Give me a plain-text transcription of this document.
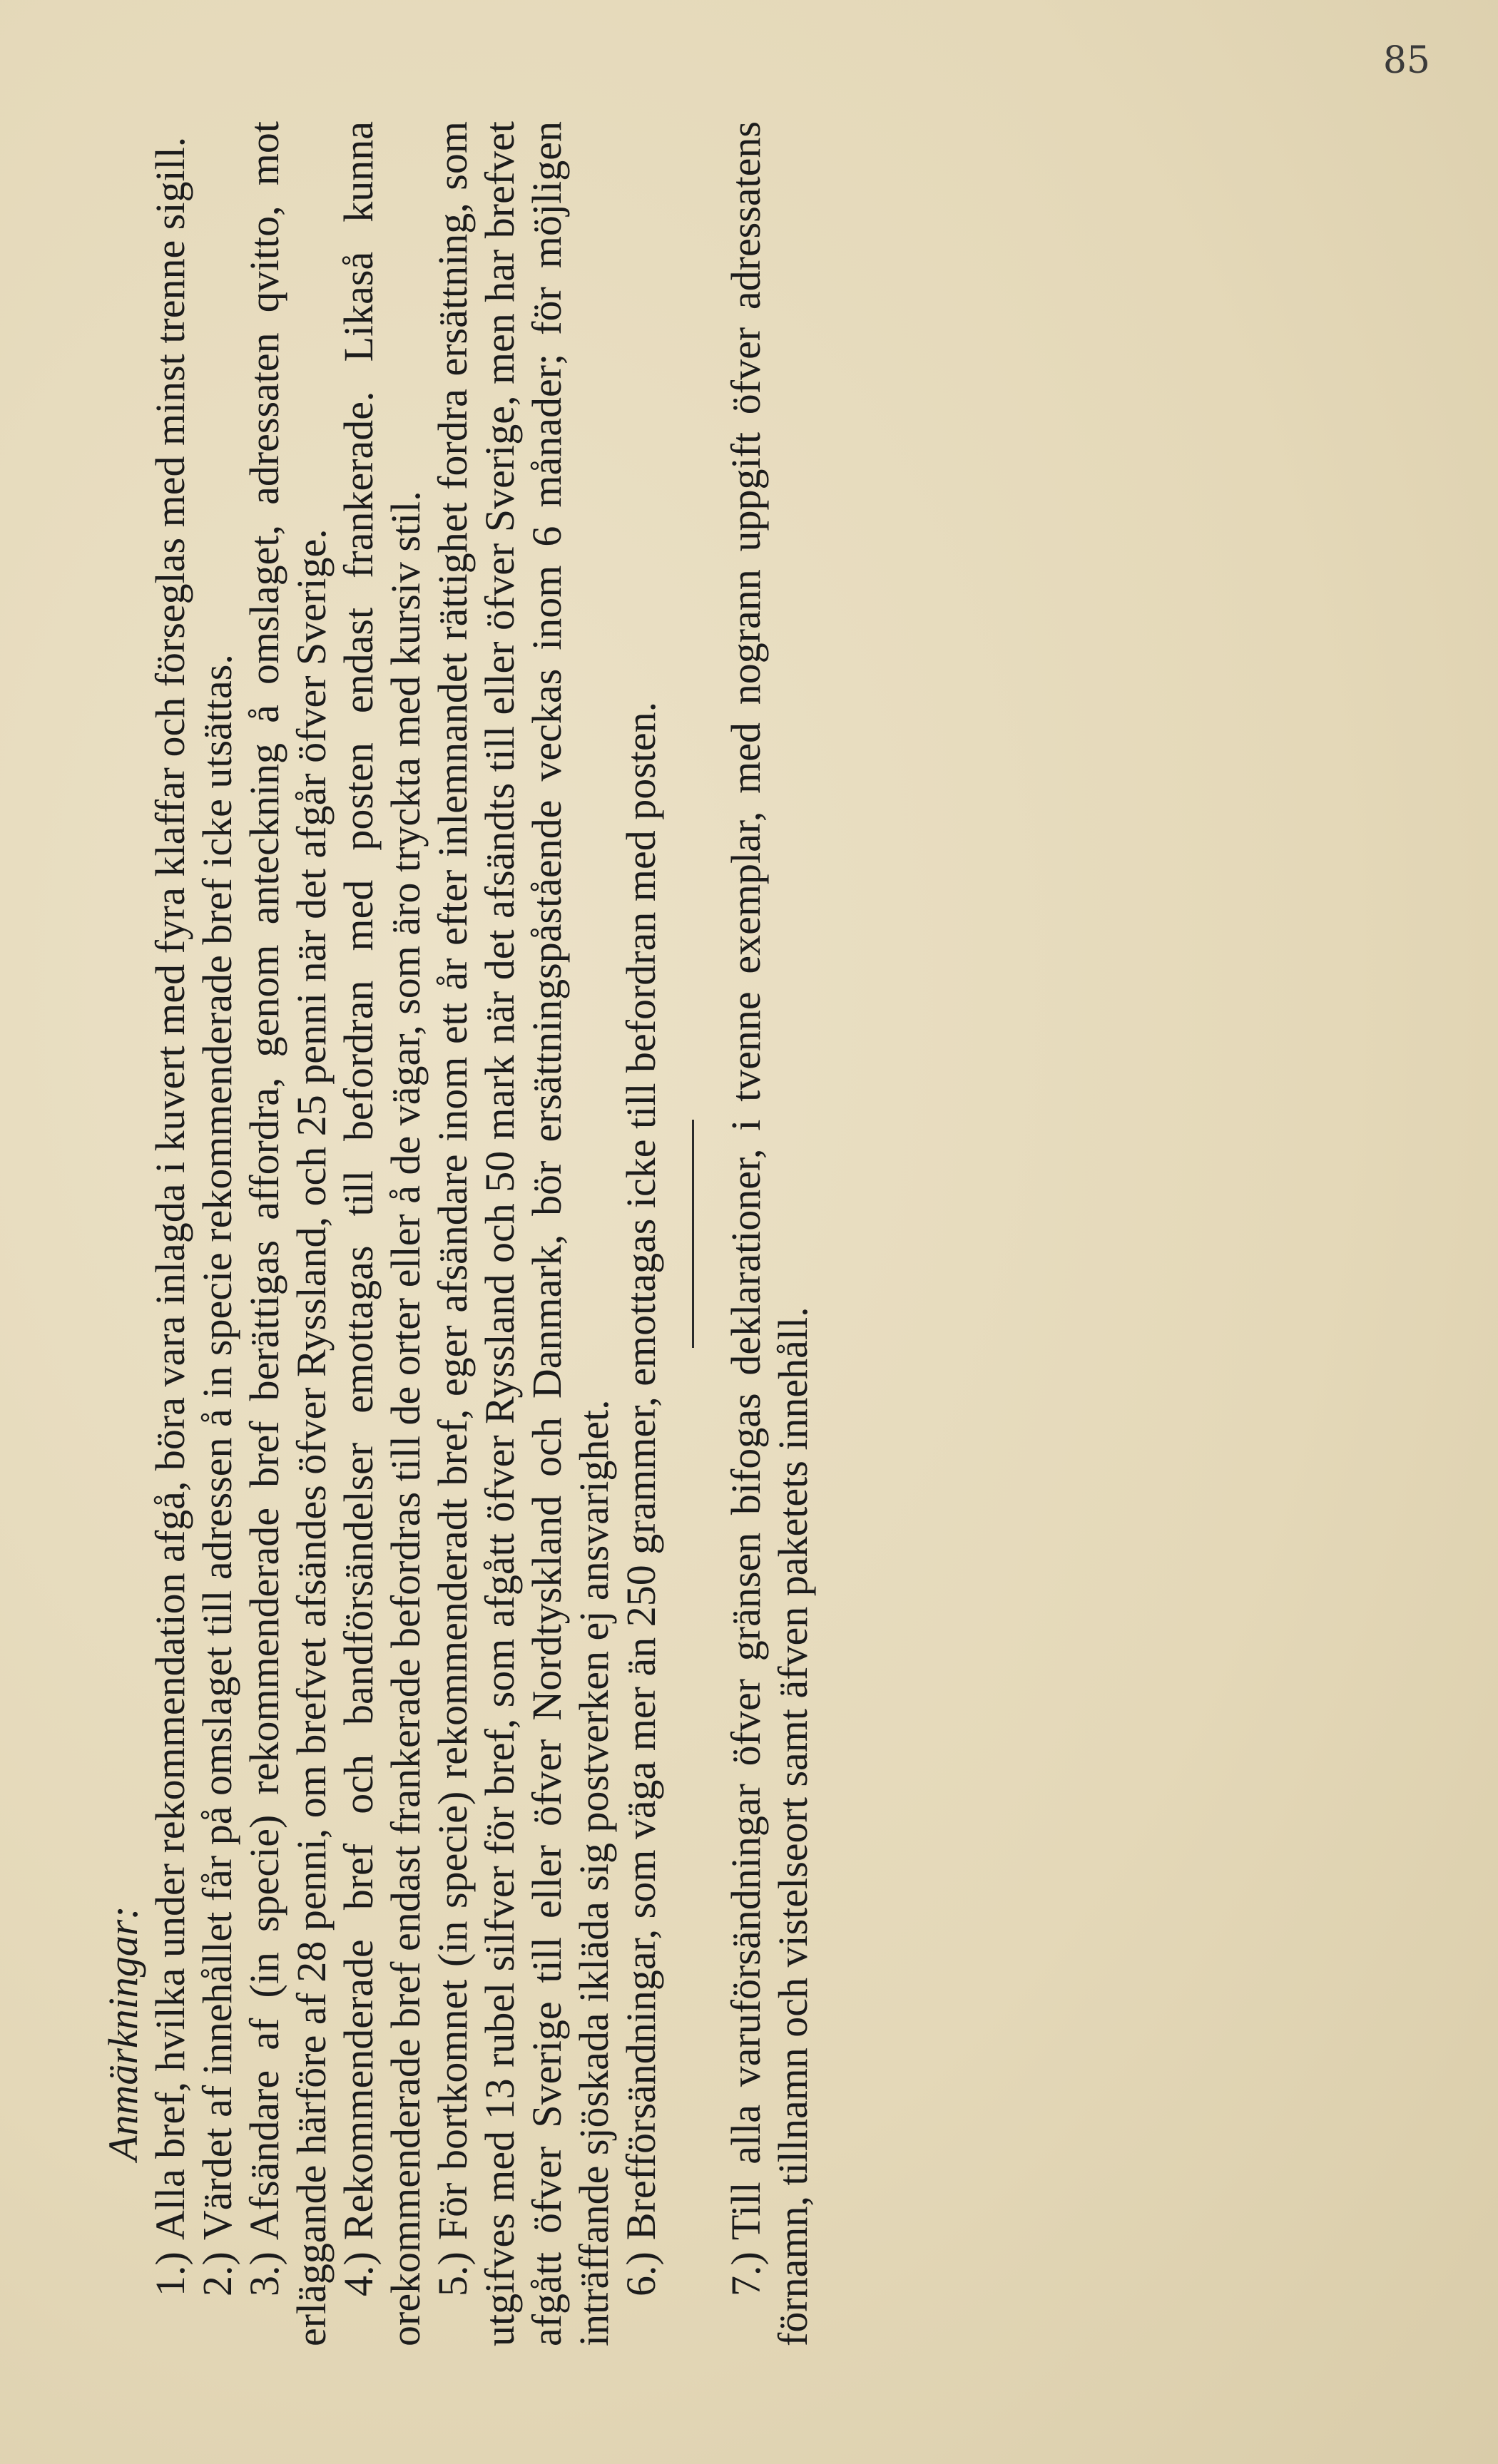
85

Anmärkningar:

1.)Alla bref, hvilka under rekommendation afgå, böra vara inlagda i kuvert med fyra klaffar och förseglas med minst trenne sigill.

2.)Värdet af innehållet får på omslaget till adressen å in specie rekommenderade bref icke utsättas.

3.)Afsändare af (in specie) rekommenderade bref berättigas affordra, genom anteckning å omslaget, adressaten qvitto, mot erläggande härföre af 28 penni, om brefvet afsändes öfver Ryssland, och 25 penni när det afgår öfver Sverige. 4.)Rekommenderade bref och bandförsändelser emottagas till befordran med posten endast frankerade. Likaså kunna orekommenderade bref endast frankerade befordras till de orter eller å de vägar, som äro tryckta med kursiv stil. 5.)För bortkomnet (in specie) rekommenderadt bref, eger afsändare inom ett år efter inlemnandet rättighet fordra ersättning, som utgifves med 13 rubel silfver för bref, som afgått öfver Ryssland och 50 mark när det afsändts till eller öfver Sverige, men har brefvet afgått öfver Sverige till eller öfver Nordtyskland och Danmark, bör ersättningspåstående veckas inom 6 månader; för möjligen inträffande sjöskada ikläda sig postverken ej ansvarighet. 6.)Brefförsändningar, som väga mer än 250 grammer, emottagas icke till befordran med posten.

7.)Till alla varuförsändningar öfver gränsen bifogas deklarationer, i tvenne exemplar, med nogrann uppgift öfver adressatens förnamn, tillnamn och vistelseort samt äfven paketets innehåll.
